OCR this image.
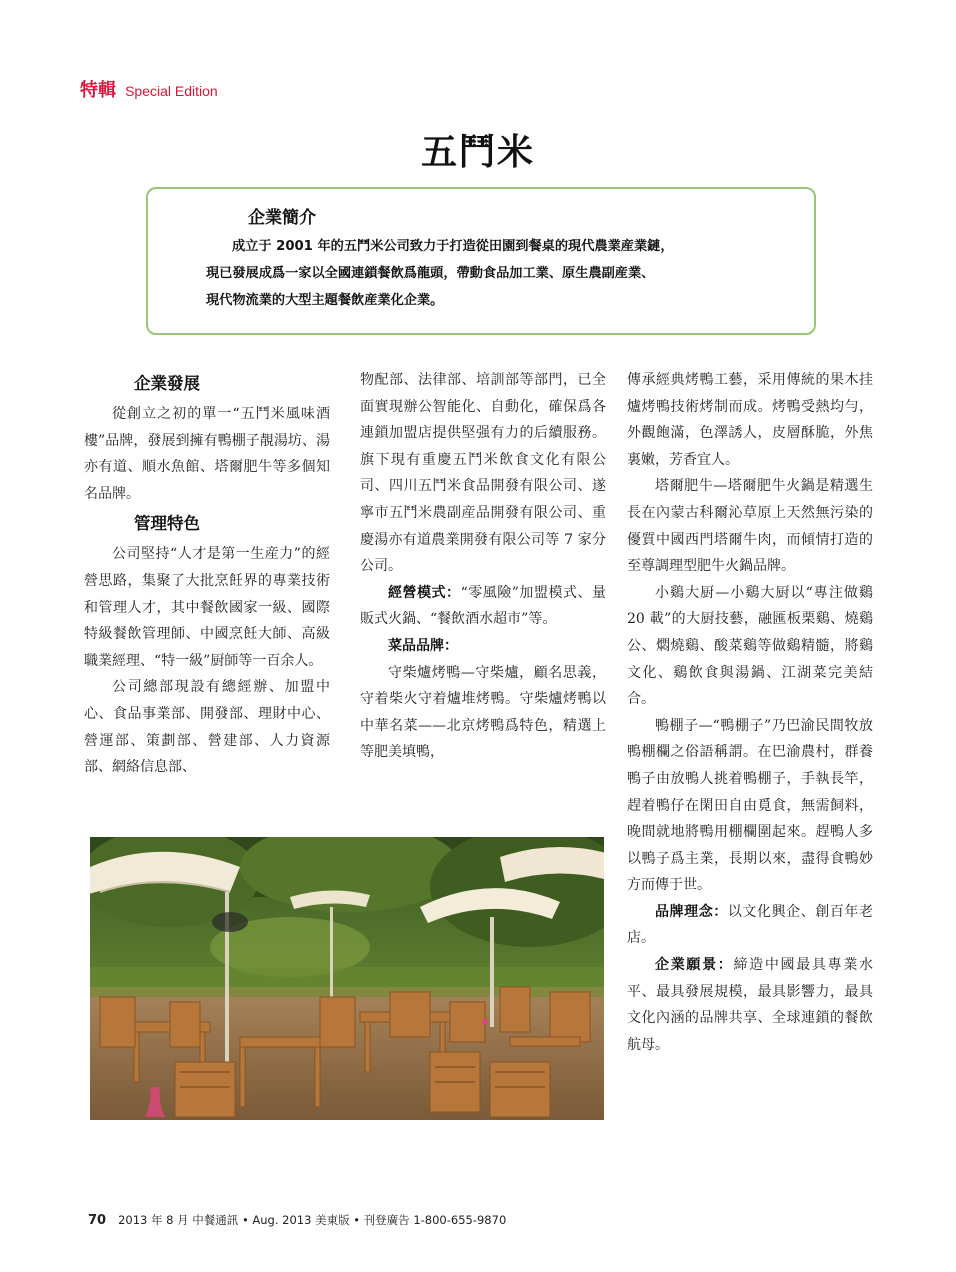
特輯 Special Edition
五鬥米
企業簡介
成立于 2001 年的五鬥米公司致力于打造從田園到餐桌的現代農業産業鏈，
現已發展成爲一家以全國連鎖餐飲爲龍頭，帶動食品加工業、原生農副産業、
現代物流業的大型主題餐飲産業化企業。
企業發展

從創立之初的單一“五鬥米風味酒樓”品牌，發展到擁有鴨棚子靚湯坊、湯亦有道、順水魚館、塔爾肥牛等多個知名品牌。

管理特色

公司堅持“人才是第一生産力”的經營思路，集聚了大批烹飪界的專業技術和管理人才，其中餐飲國家一級、國際特級餐飲管理師、中國烹飪大師、高級職業經理、“特一級”厨師等一百余人。

公司總部現設有總經辦、加盟中心、食品事業部、開發部、理財中心、營運部、策劃部、營建部、人力資源部、網絡信息部、

物配部、法律部、培訓部等部門，已全面實現辦公智能化、自動化，確保爲各連鎖加盟店提供堅强有力的后續服務。旗下現有重慶五鬥米飲食文化有限公司、四川五鬥米食品開發有限公司、遂寧市五鬥米農副産品開發有限公司、重慶湯亦有道農業開發有限公司等 7 家分公司。

經營模式：“零風險”加盟模式、量販式火鍋、“餐飲酒水超市”等。

菜品品牌：

守柴爐烤鴨—守柴爐，顧名思義，守着柴火守着爐堆烤鴨。守柴爐烤鴨以中華名菜——北京烤鴨爲特色，精選上等肥美填鴨，

傳承經典烤鴨工藝，采用傳統的果木挂爐烤鴨技術烤制而成。烤鴨受熱均勻，外觀飽滿，色澤誘人，皮層酥脆，外焦裏嫩，芳香宜人。

塔爾肥牛—塔爾肥牛火鍋是精選生長在內蒙古科爾沁草原上天然無污染的優質中國西門塔爾牛肉，而傾情打造的至尊調理型肥牛火鍋品牌。

小鷄大厨—小鷄大厨以“專注做鷄 20 載”的大厨技藝，融匯板栗鷄、燒鷄公、燜燒鷄、酸菜鷄等做鷄精髓，將鷄文化、鷄飲食與湯鍋、江湖菜完美結合。

鴨棚子—“鴨棚子”乃巴渝民間牧放鴨棚欄之俗語稱謂。在巴渝農村，群養鴨子由放鴨人挑着鴨棚子，手執長竿，趕着鴨仔在閑田自由覓食，無需飼料，晚間就地將鴨用棚欄圍起來。趕鴨人多以鴨子爲主業，長期以來，盡得食鴨妙方而傳于世。

品牌理念：以文化興企、創百年老店。

企業願景：締造中國最具專業水平、最具發展規模，最具影響力，最具文化內涵的品牌共享、全球連鎖的餐飲航母。

70 2013 年 8 月 中餐通訊 • Aug. 2013 美東版 • 刊登廣告 1-800-655-9870
